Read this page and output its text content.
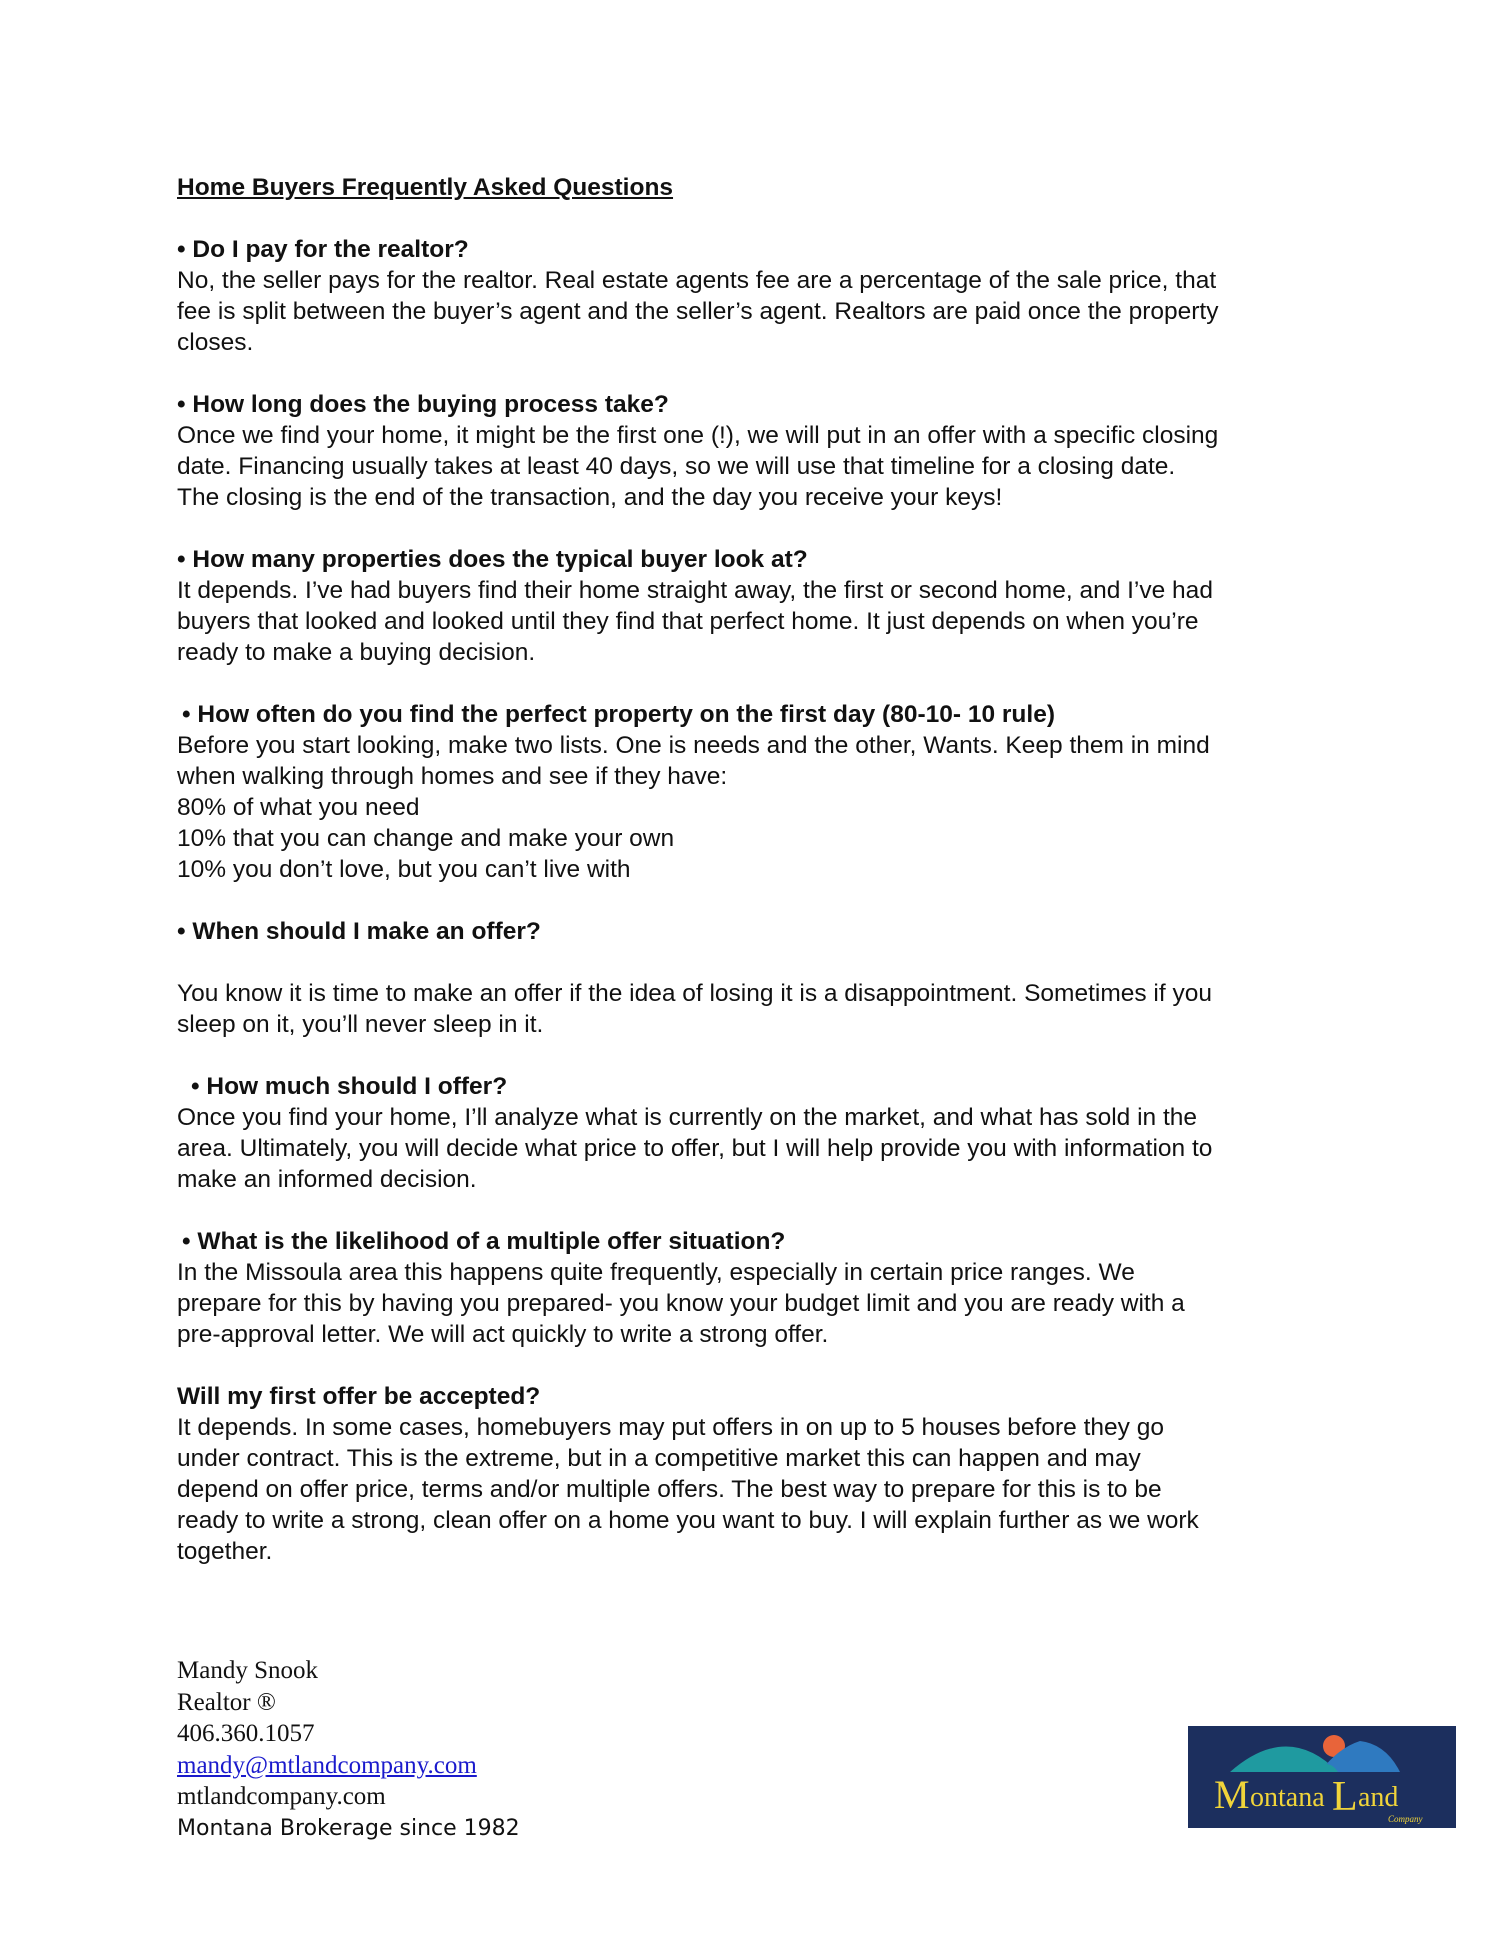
Home Buyers Frequently Asked Questions

• Do I pay for the realtor?

No, the seller pays for the realtor. Real estate agents fee are a percentage of the sale price, that

fee is split between the buyer’s agent and the seller’s agent. Realtors are paid once the property

closes.

• How long does the buying process take?

Once we find your home, it might be the first one (!), we will put in an offer with a specific closing

date. Financing usually takes at least 40 days, so we will use that timeline for a closing date.

The closing is the end of the transaction, and the day you receive your keys!

• How many properties does the typical buyer look at?

It depends. I’ve had buyers find their home straight away, the first or second home, and I’ve had

buyers that looked and looked until they find that perfect home. It just depends on when you’re

ready to make a buying decision.

• How often do you find the perfect property on the first day (80-10- 10 rule)

Before you start looking, make two lists. One is needs and the other, Wants. Keep them in mind

when walking through homes and see if they have:

80% of what you need

10% that you can change and make your own

10% you don’t love, but you can’t live with

• When should I make an offer?

You know it is time to make an offer if the idea of losing it is a disappointment. Sometimes if you

sleep on it, you’ll never sleep in it.

• How much should I offer?

Once you find your home, I’ll analyze what is currently on the market, and what has sold in the

area. Ultimately, you will decide what price to offer, but I will help provide you with information to

make an informed decision.

• What is the likelihood of a multiple offer situation?

In the Missoula area this happens quite frequently, especially in certain price ranges. We

prepare for this by having you prepared- you know your budget limit and you are ready with a

pre-approval letter. We will act quickly to write a strong offer.

Will my first offer be accepted?

It depends. In some cases, homebuyers may put offers in on up to 5 houses before they go

under contract. This is the extreme, but in a competitive market this can happen and may

depend on offer price, terms and/or multiple offers. The best way to prepare for this is to be

ready to write a strong, clean offer on a home you want to buy. I will explain further as we work

together.

Mandy Snook
Realtor ®
406.360.1057
mandy@mtlandcompany.com
mtlandcompany.com
Montana Brokerage since 1982
M ontana L and
Company
